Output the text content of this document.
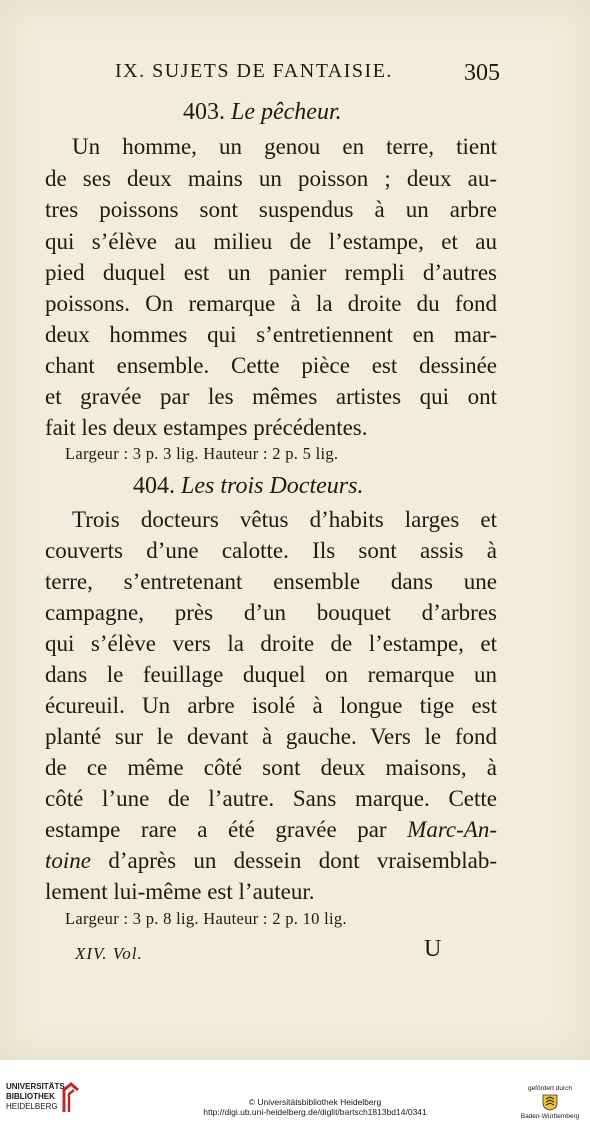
IX. SUJETS DE FANTAISIE.	305
403. Le pêcheur.
Un homme, un genou en terre, tient
de ses deux mains un poisson ; deux au-
tres poissons sont suspendus à un arbre
qui s’élève au milieu de l’estampe, et au
pied duquel est un panier rempli d’autres
poissons. On remarque à la droite du fond
deux hommes qui s’entretiennent en mar-
chant ensemble. Cette pièce est dessinée
et gravée par les mêmes artistes qui ont
fait les deux estampes précédentes.
Largeur : 3 p. 3 lig. Hauteur : 2 p. 5 lig.
404. Les trois Docteurs.
Trois docteurs vêtus d’habits larges et
couverts d’une calotte. Ils sont assis à
terre, s’entretenant ensemble dans une
campagne, près d’un bouquet d’arbres
qui s’élève vers la droite de l’estampe, et
dans le feuillage duquel on remarque un
écureuil. Un arbre isolé à longue tige est
planté sur le devant à gauche. Vers le fond
de ce même côté sont deux maisons, à
côté l’une de l’autre. Sans marque. Cette
estampe rare a été gravée par Marc-An-
toine d’après un dessein dont vraisemblab-
lement lui-même est l’auteur.
Largeur : 3 p. 8 lig. Hauteur : 2 p. 10 lig.
XIV. Vol.	U
UNIVERSITÄTS-
BIBLIOTHEK
HEIDELBERG	© Universitätsbibliothek Heidelberg
http://digi.ub.uni-heidelberg.de/diglit/bartsch1813bd14/0341
gefördert durch
Baden-Württemberg
